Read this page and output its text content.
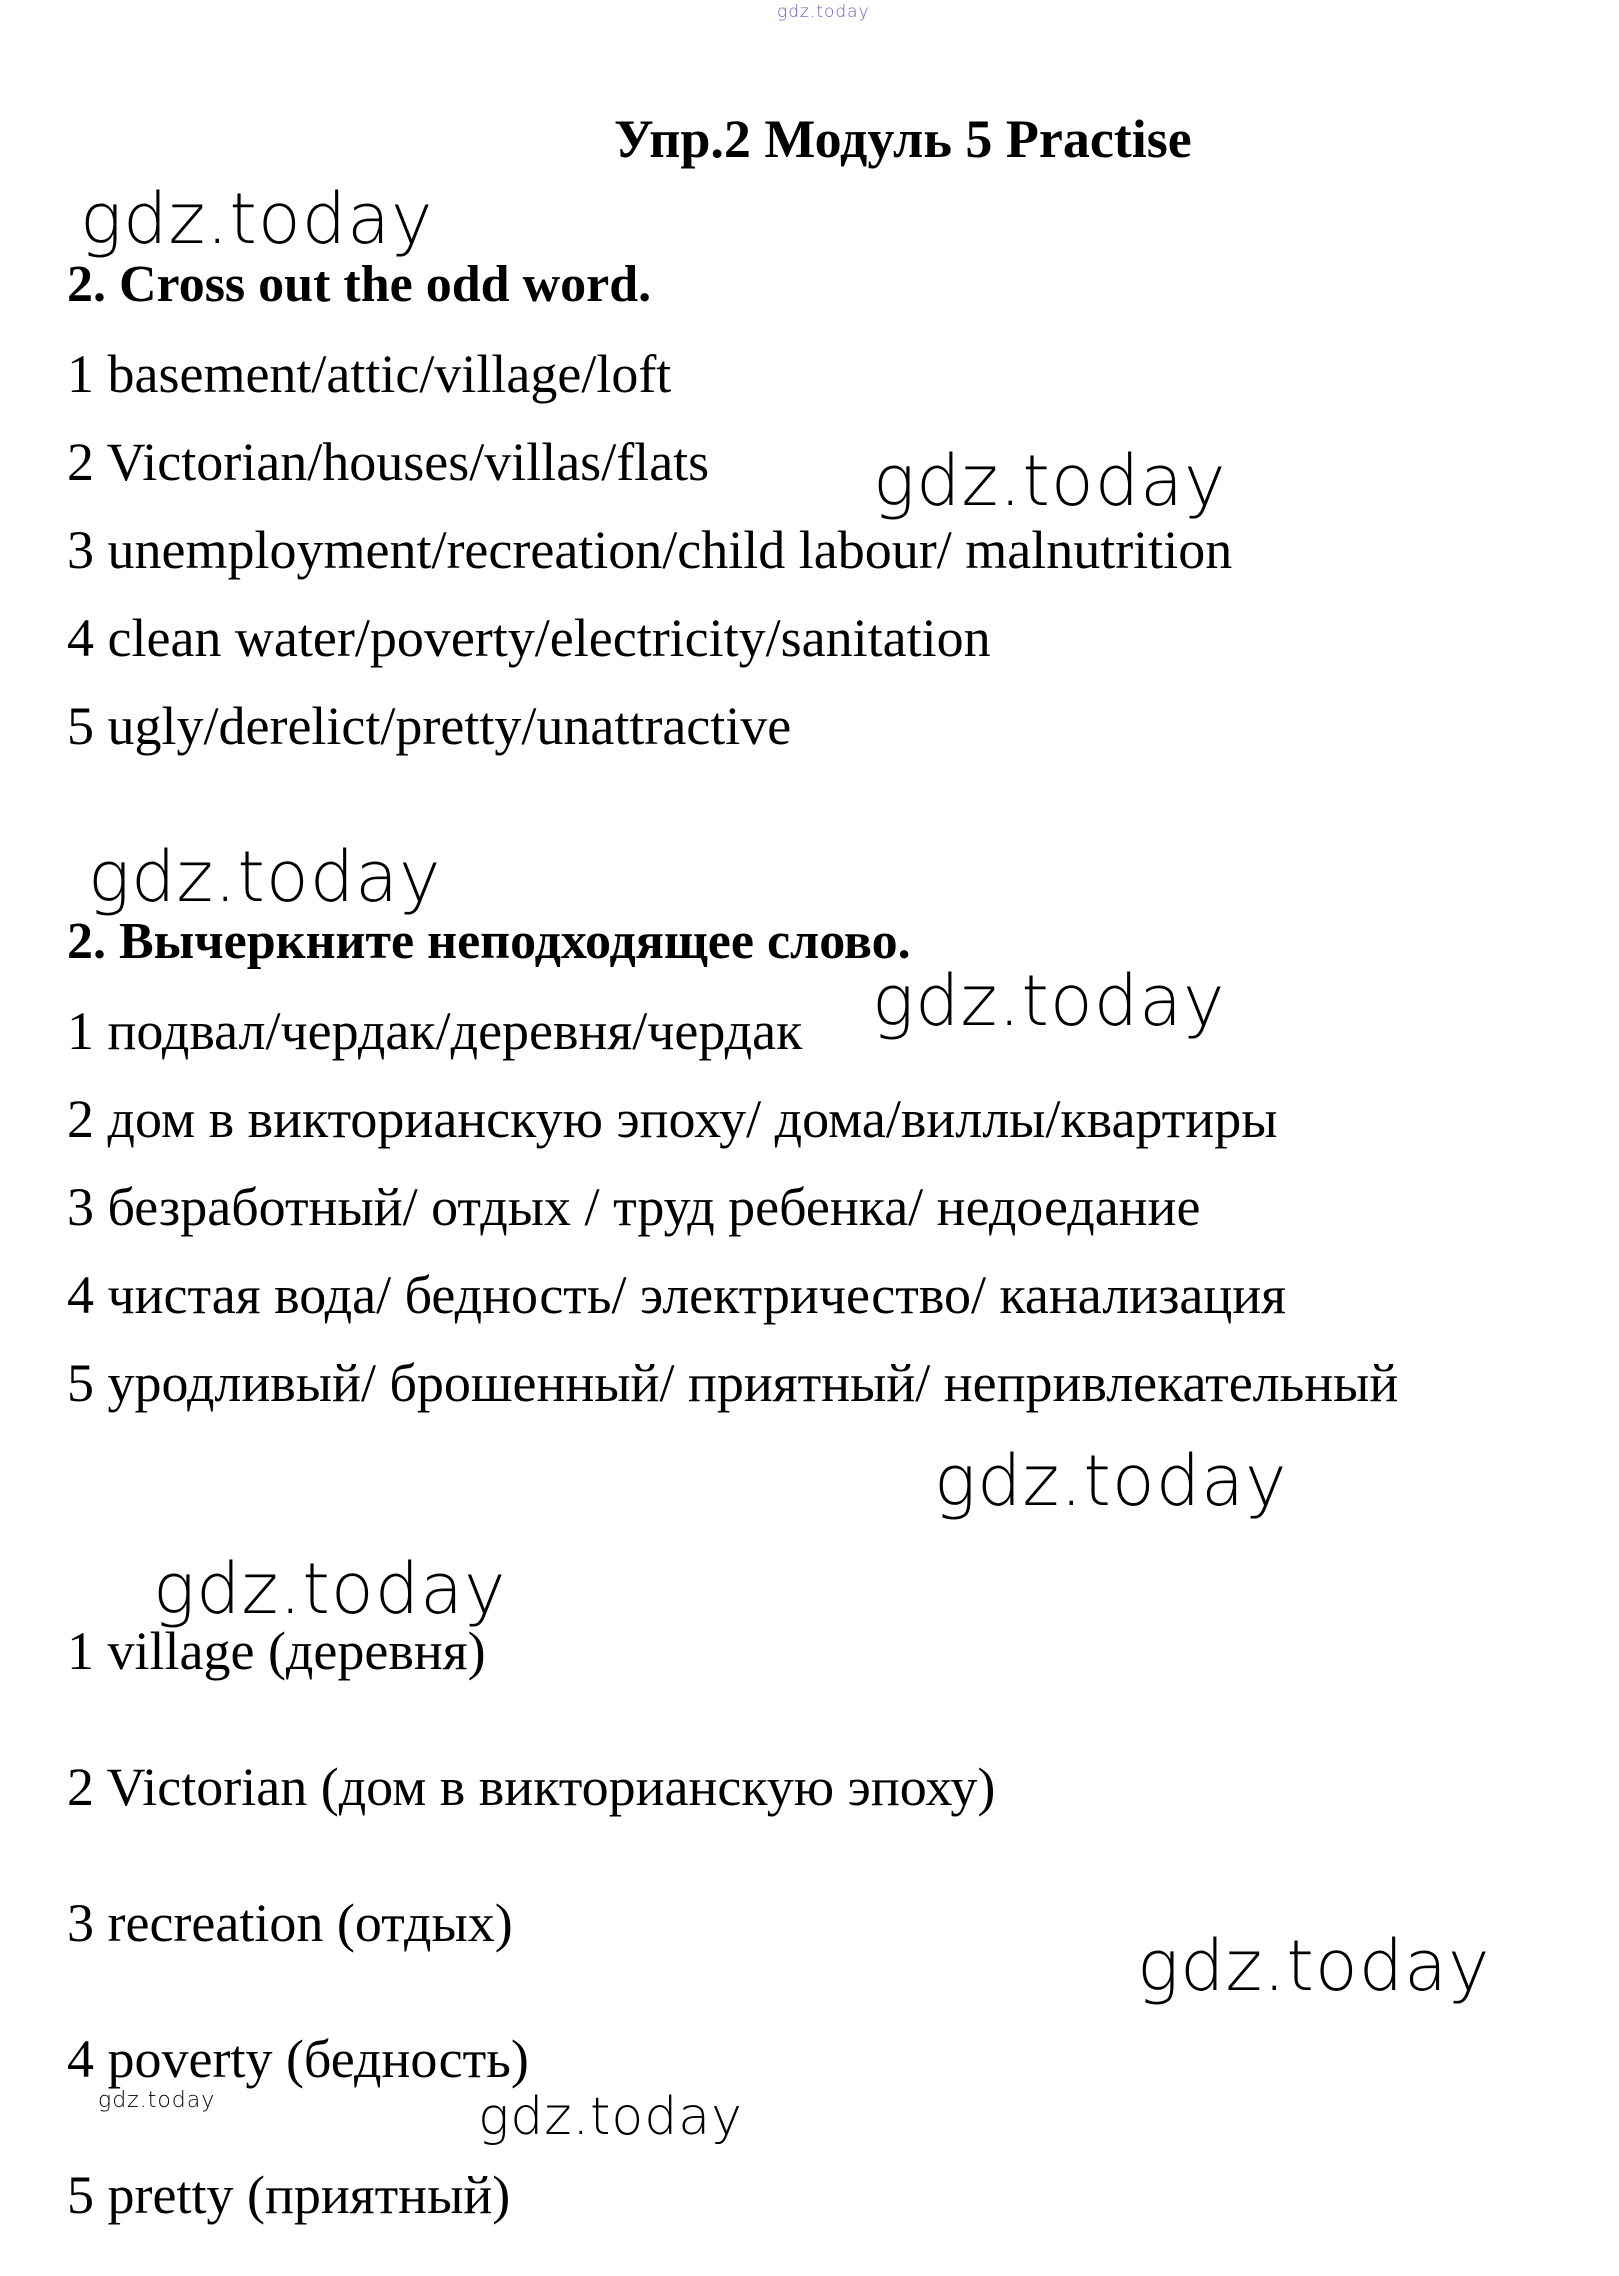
gdz.today
gdz.today
gdz.today
gdz.today
gdz.today
gdz.today
gdz.today
gdz.today
gdz.today	gdz.today
Упр.2 Модуль 5 Practise
2. Cross out the odd word.
1 basement/attic/village/loft
2 Victorian/houses/villas/flats
3 unemployment/recreation/child labour/ malnutrition
4 clean water/poverty/electricity/sanitation
5 ugly/derelict/pretty/unattractive
2. Вычеркните неподходящее слово.
1 подвал/чердак/деревня/чердак
2 дом в викторианскую эпоху/ дома/виллы/квартиры
3 безработный/ отдых / труд ребенка/ недоедание
4 чистая вода/ бедность/ электричество/ канализация
5 уродливый/ брошенный/ приятный/ непривлекательный
1 village (деревня)
2 Victorian (дом в викторианскую эпоху)
3 recreation (отдых)
4 poverty (бедность)
5 pretty (приятный)
